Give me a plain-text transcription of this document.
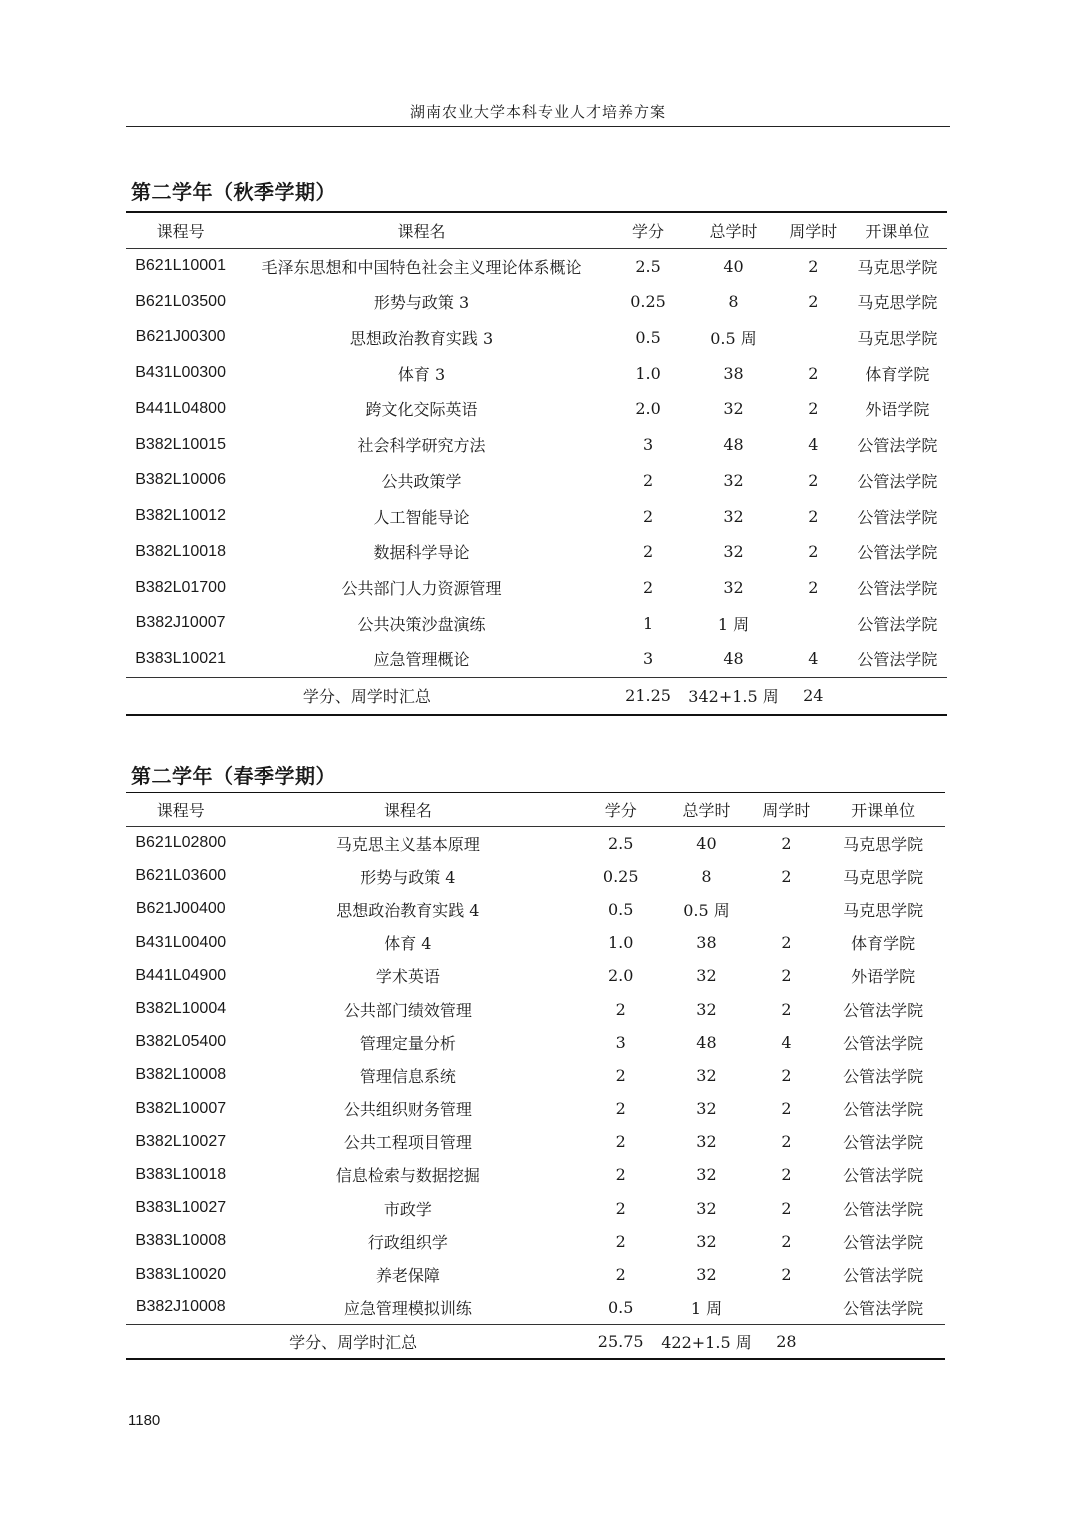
湖南农业大学本科专业人才培养方案
第二学年（秋季学期）
课程号	课程名	学分	总学时	周学时	开课单位
B621L10001	毛泽东思想和中国特色社会主义理论体系概论	2.5	40	2	马克思学院
B621L03500	形势与政策 3	0.25	8	2	马克思学院
B621J00300	思想政治教育实践 3	0.5	0.5 周		马克思学院
B431L00300	体育 3	1.0	38	2	体育学院
B441L04800	跨文化交际英语	2.0	32	2	外语学院
B382L10015	社会科学研究方法	3	48	4	公管法学院
B382L10006	公共政策学	2	32	2	公管法学院
B382L10012	人工智能导论	2	32	2	公管法学院
B382L10018	数据科学导论	2	32	2	公管法学院
B382L01700	公共部门人力资源管理	2	32	2	公管法学院
B382J10007	公共决策沙盘演练	1	1 周		公管法学院
B383L10021	应急管理概论	3	48	4	公管法学院
学分、周学时汇总		21.25	342+1.5 周	24	
第二学年（春季学期）
课程号	课程名	学分	总学时	周学时	开课单位
B621L02800	马克思主义基本原理	2.5	40	2	马克思学院
B621L03600	形势与政策 4	0.25	8	2	马克思学院
B621J00400	思想政治教育实践 4	0.5	0.5 周		马克思学院
B431L00400	体育 4	1.0	38	2	体育学院
B441L04900	学术英语	2.0	32	2	外语学院
B382L10004	公共部门绩效管理	2	32	2	公管法学院
B382L05400	管理定量分析	3	48	4	公管法学院
B382L10008	管理信息系统	2	32	2	公管法学院
B382L10007	公共组织财务管理	2	32	2	公管法学院
B382L10027	公共工程项目管理	2	32	2	公管法学院
B383L10018	信息检索与数据挖掘	2	32	2	公管法学院
B383L10027	市政学	2	32	2	公管法学院
B383L10008	行政组织学	2	32	2	公管法学院
B383L10020	养老保障	2	32	2	公管法学院
B382J10008	应急管理模拟训练	0.5	1 周		公管法学院
学分、周学时汇总		25.75	422+1.5 周	28	
1180
